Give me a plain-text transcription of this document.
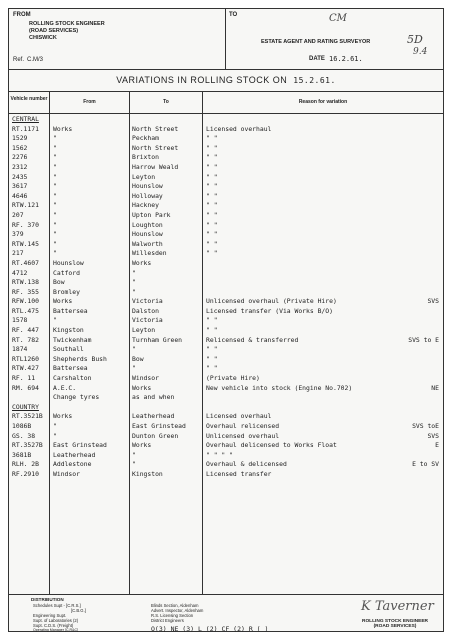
FROM
ROLLING STOCK ENGINEER
(ROAD SERVICES)
CHISWICK
Ref. C.M/3
TO
ESTATE AGENT AND RATING SURVEYOR
DATE 16.2.61.
CM
5D
9.4
VARIATIONS IN ROLLING STOCK ON 15.2.61.
Vehicle number	From	To	Reason for variation
CENTRAL
RT.1171 Works	North Street	Licensed overhaul
1529	"	Peckham	" "
1562	"	North Street	" "
2276	"	Brixton	" "
2312	"	Harrow Weald	" "
2435	"	Leyton	" "
3617	"	Hounslow	" "
4646	"	Holloway	" "
RTW.121 "	Hackney	" "
207	"	Upton Park	" "
RF. 370 "	Loughton	" "
379	"	Hounslow	" "
RTW.145 "	Walworth	" "
217	"	Willesden	" "
RT.4607 Hounslow	Works
4712	Catford	"
RTW.138 Bow	"
RF. 355 Bromley	"
RFW.100 Works	Victoria	Unlicensed overhaul (Private Hire)	SVS
RTL.475 Battersea	Dalston	Licensed transfer (Via Works B/O)
1578	"	Victoria	" "
RF. 447 Kingston	Leyton	" "
RT. 782 Twickenham	Turnham Green	Relicensed & transferred	SVS to E
1874	Southall	"	" "
RTL1260 Shepherds Bush	Bow	" "
RTW.427 Battersea	"	" "
RF. 11	Carshalton	Windsor	(Private Hire)
RM. 694 A.E.C.	Works	New vehicle into stock (Engine No.702)	NE
Change tyres	as and when
COUNTRY
RT.3521B Works	Leatherhead	Licensed overhaul
1086B	"	East Grinstead	Overhaul relicensed	SVS toE
GS. 38	"	Dunton Green	Unlicensed overhaul	SVS
RT.3527B East Grinstead	Works	Overhaul delicensed to Works Float	E
3681B	Leatherhead	"	" " " "
RLH. 2B Addlestone	"	Overhaul & delicensed	E to SV
RF.2910 Windsor	Kingston	Licensed transfer
DISTRIBUTION
Schedules Supt - [C.R.S.]
[C.B.G.]
Engineering Supt.
Supt. of Laboratories (2)
Supt. C.D.S. (Freight)
Blinds Section, Aldenham
Advert. Inspector, Aldenham
R.S. Licensing Section
District Engineers
Operating Manager [C.R&C]	O(3) NE (3) L (2) CF (2) R ( )
K Taverner
ROLLING STOCK ENGINEER
(ROAD SERVICES)
